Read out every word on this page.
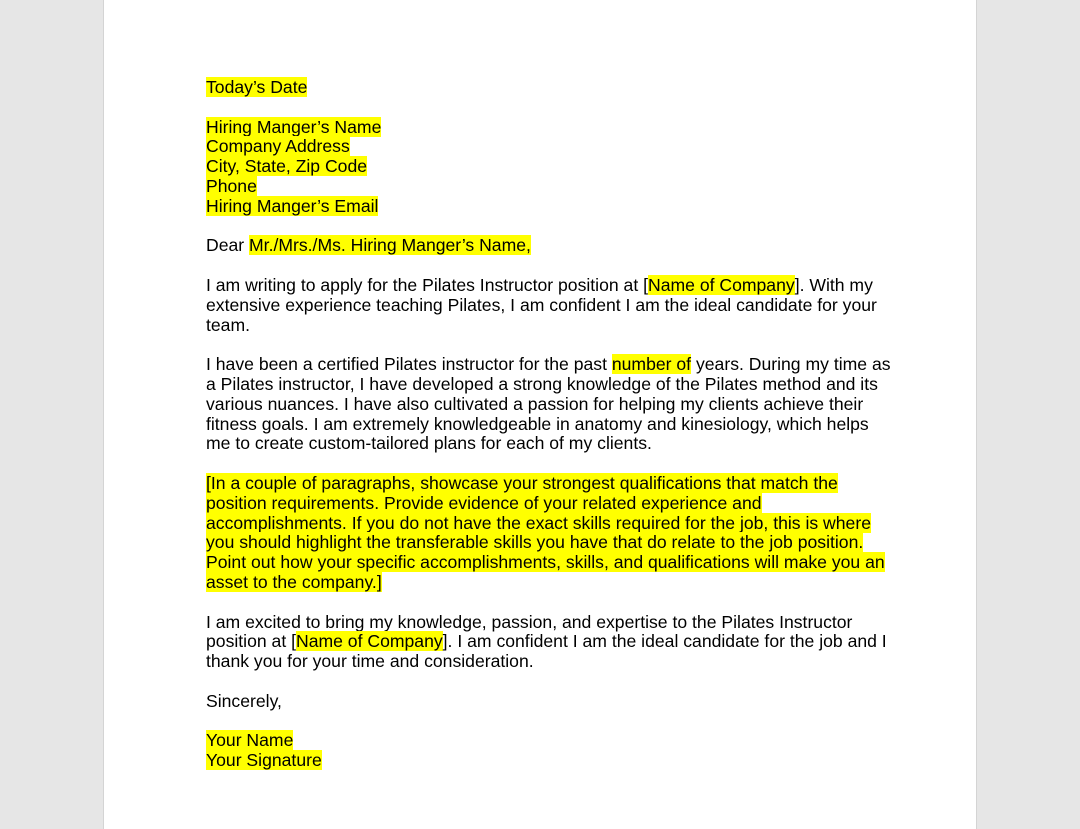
Today’s Date
Hiring Manger’s Name
Company Address
City, State, Zip Code
Phone
Hiring Manger’s Email
Dear Mr./Mrs./Ms. Hiring Manger’s Name,
I am writing to apply for the Pilates Instructor position at [Name of Company]. With my
extensive experience teaching Pilates, I am confident I am the ideal candidate for your
team.
I have been a certified Pilates instructor for the past number of years. During my time as
a Pilates instructor, I have developed a strong knowledge of the Pilates method and its
various nuances. I have also cultivated a passion for helping my clients achieve their
fitness goals. I am extremely knowledgeable in anatomy and kinesiology, which helps
me to create custom-tailored plans for each of my clients.
[In a couple of paragraphs, showcase your strongest qualifications that match the
position requirements. Provide evidence of your related experience and
accomplishments. If you do not have the exact skills required for the job, this is where
you should highlight the transferable skills you have that do relate to the job position.
Point out how your specific accomplishments, skills, and qualifications will make you an
asset to the company.]
I am excited to bring my knowledge, passion, and expertise to the Pilates Instructor
position at [Name of Company]. I am confident I am the ideal candidate for the job and I
thank you for your time and consideration.
Sincerely,
Your Name
Your Signature
